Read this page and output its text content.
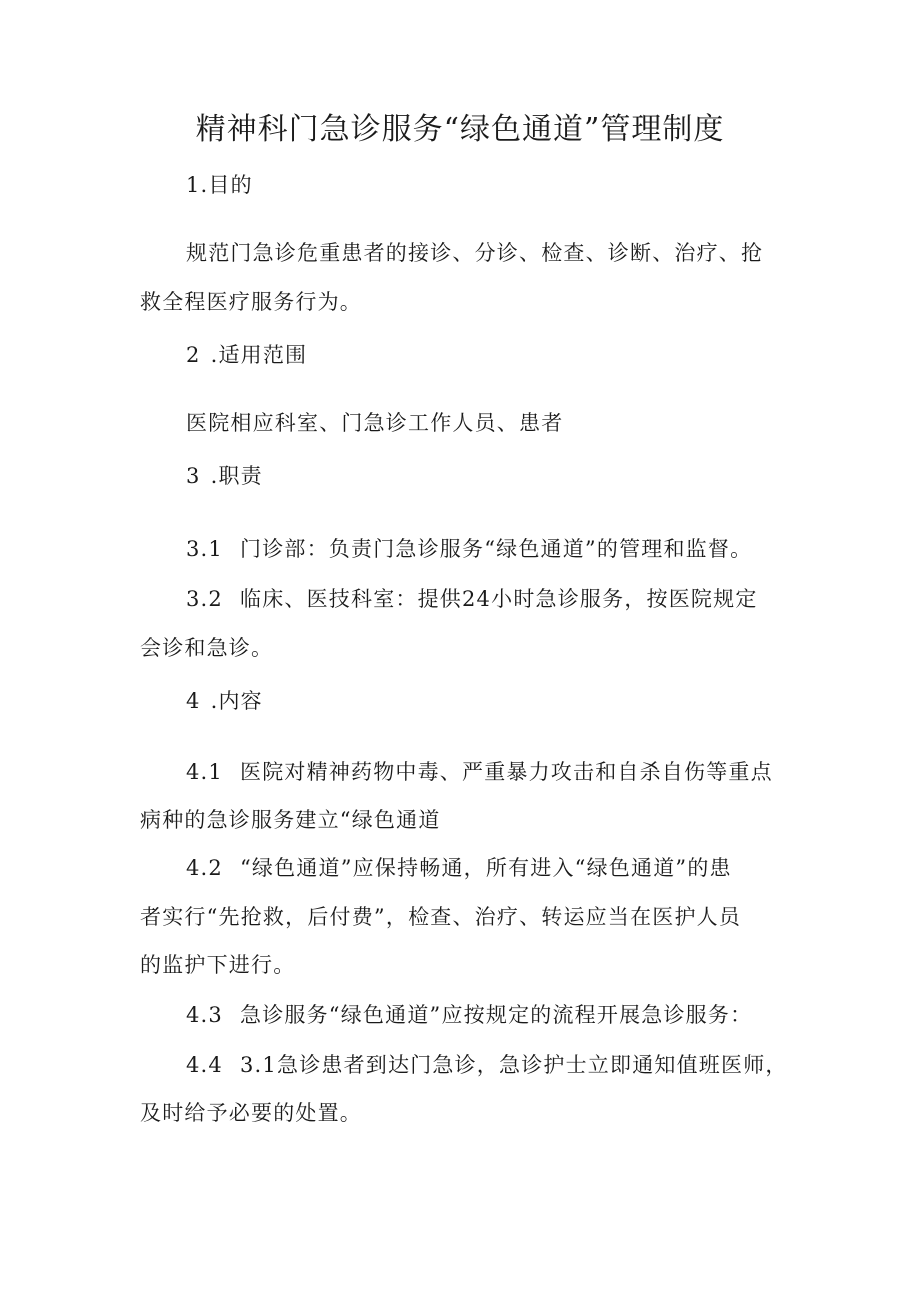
精神科门急诊服务“绿色通道”管理制度
1.目的
规范门急诊危重患者的接诊、分诊、检查、诊断、治疗、抢
救全程医疗服务行为。
2 .适用范围
医院相应科室、门急诊工作人员、患者
3 .职责
3.1 门诊部：负责门急诊服务“绿色通道”的管理和监督。
3.2 临床、医技科室：提供24小时急诊服务，按医院规定
会诊和急诊。
4 .内容
4.1 医院对精神药物中毒、严重暴力攻击和自杀自伤等重点
病种的急诊服务建立“绿色通道
4.2 “绿色通道”应保持畅通，所有进入“绿色通道”的患
者实行“先抢救，后付费”，检查、治疗、转运应当在医护人员
的监护下进行。
4.3 急诊服务“绿色通道”应按规定的流程开展急诊服务：
4.4 3.1急诊患者到达门急诊，急诊护士立即通知值班医师，
及时给予必要的处置。
